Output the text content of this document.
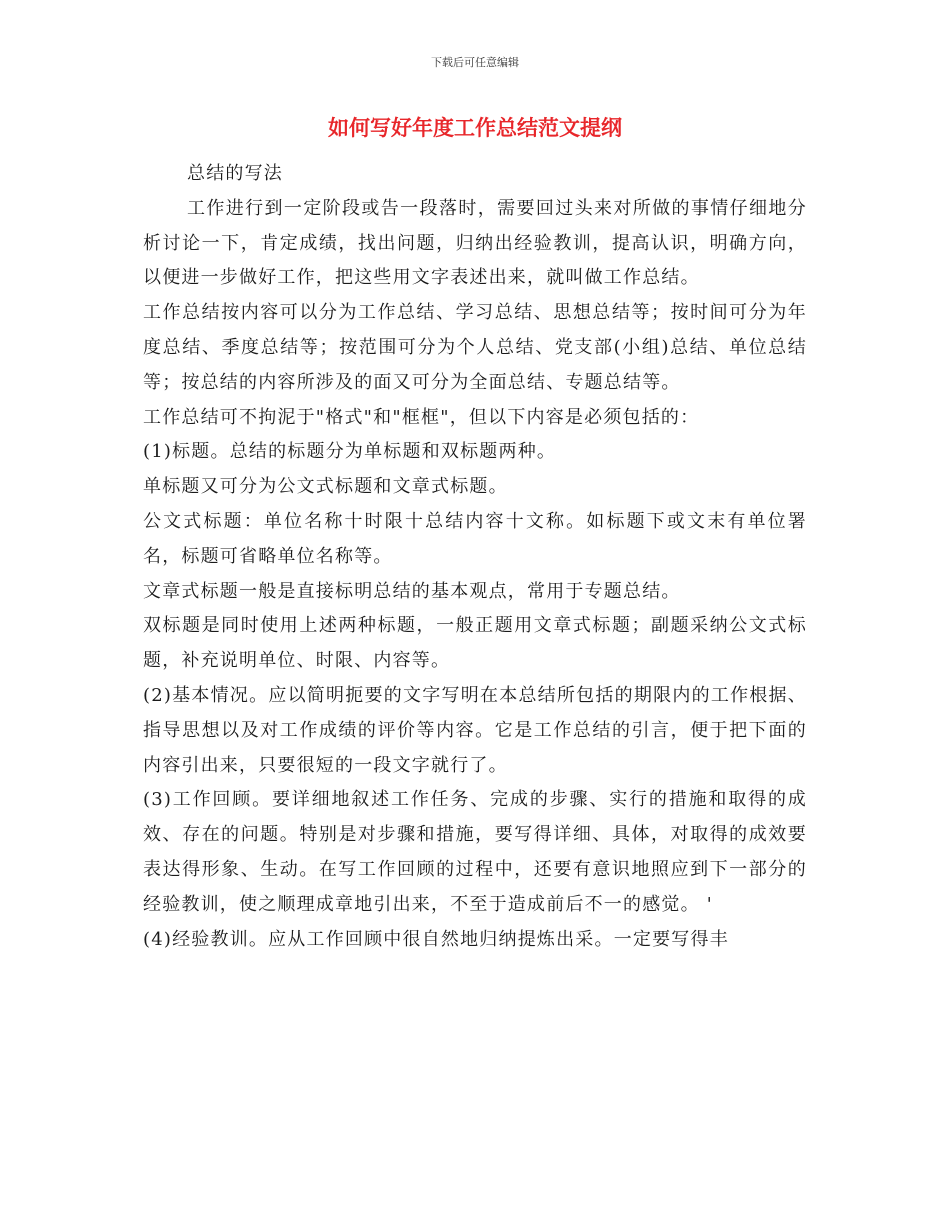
下载后可任意编辑
如何写好年度工作总结范文提纲

总结的写法

工作进行到一定阶段或告一段落时，需要回过头来对所做的事情仔细地分析讨论一下，肯定成绩，找出问题，归纳出经验教训，提高认识，明确方向，以便进一步做好工作，把这些用文字表述出来，就叫做工作总结。

工作总结按内容可以分为工作总结、学习总结、思想总结等；按时间可分为年度总结、季度总结等；按范围可分为个人总结、党支部(小组)总结、单位总结等；按总结的内容所涉及的面又可分为全面总结、专题总结等。

工作总结可不拘泥于"格式"和"框框"，但以下内容是必须包括的：

(1)标题。总结的标题分为单标题和双标题两种。

单标题又可分为公文式标题和文章式标题。

公文式标题：单位名称十时限十总结内容十文称。如标题下或文末有单位署名，标题可省略单位名称等。

文章式标题一般是直接标明总结的基本观点，常用于专题总结。

双标题是同时使用上述两种标题，一般正题用文章式标题；副题采纳公文式标题，补充说明单位、时限、内容等。

(2)基本情况。应以简明扼要的文字写明在本总结所包括的期限内的工作根据、指导思想以及对工作成绩的评价等内容。它是工作总结的引言，便于把下面的内容引出来，只要很短的一段文字就行了。

(3)工作回顾。要详细地叙述工作任务、完成的步骤、实行的措施和取得的成效、存在的问题。特别是对步骤和措施，要写得详细、具体，对取得的成效要表达得形象、生动。在写工作回顾的过程中，还要有意识地照应到下一部分的经验教训，使之顺理成章地引出来，不至于造成前后不一的感觉。 '

(4)经验教训。应从工作回顾中很自然地归纳提炼出采。一定要写得丰
